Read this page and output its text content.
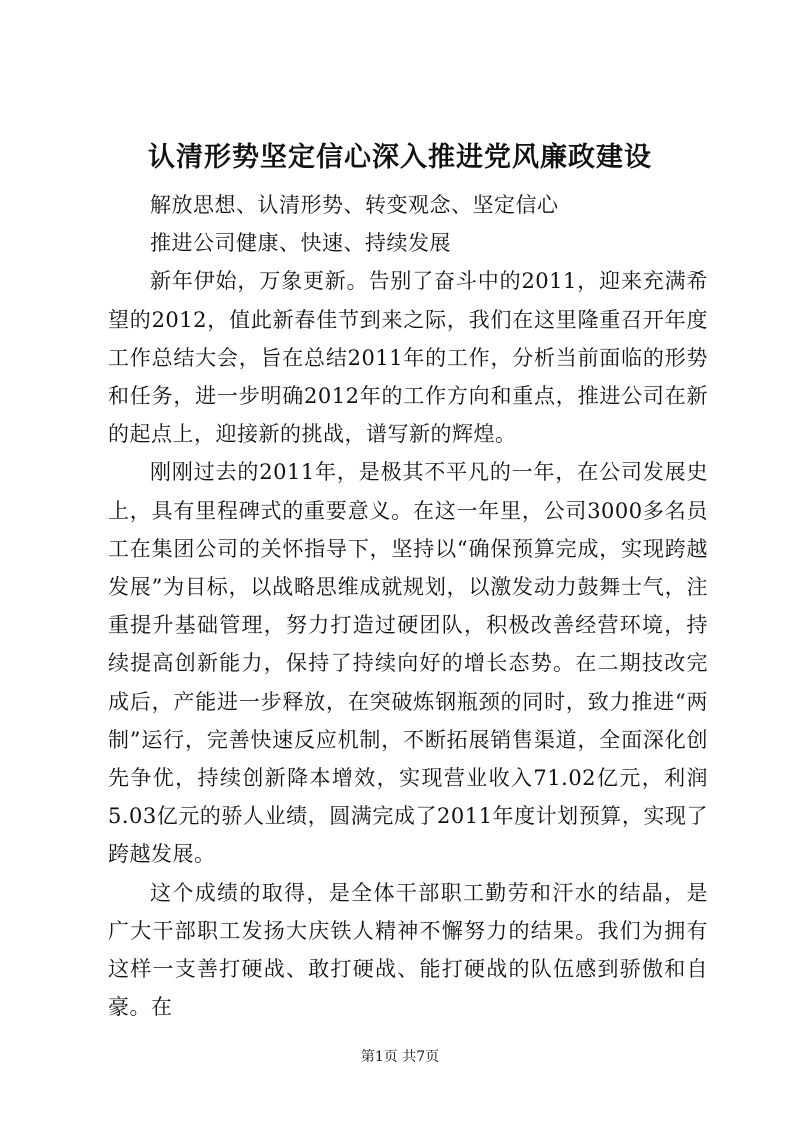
认清形势坚定信心深入推进党风廉政建设

解放思想、认清形势、转变观念、坚定信心

推进公司健康、快速、持续发展

新年伊始，万象更新。告别了奋斗中的2011，迎来充满希望的2012，值此新春佳节到来之际，我们在这里隆重召开年度工作总结大会，旨在总结2011年的工作，分析当前面临的形势和任务，进一步明确2012年的工作方向和重点，推进公司在新的起点上，迎接新的挑战，谱写新的辉煌。

刚刚过去的2011年，是极其不平凡的一年，在公司发展史上，具有里程碑式的重要意义。在这一年里，公司3000多名员工在集团公司的关怀指导下，坚持以“确保预算完成，实现跨越发展”为目标，以战略思维成就规划，以激发动力鼓舞士气，注重提升基础管理，努力打造过硬团队，积极改善经营环境，持续提高创新能力，保持了持续向好的增长态势。在二期技改完成后，产能进一步释放，在突破炼钢瓶颈的同时，致力推进“两制”运行，完善快速反应机制，不断拓展销售渠道，全面深化创先争优，持续创新降本增效，实现营业收入71.02亿元，利润5.03亿元的骄人业绩，圆满完成了2011年度计划预算，实现了跨越发展。

这个成绩的取得，是全体干部职工勤劳和汗水的结晶，是广大干部职工发扬大庆铁人精神不懈努力的结果。我们为拥有这样一支善打硬战、敢打硬战、能打硬战的队伍感到骄傲和自豪。在

第1页 共7页
